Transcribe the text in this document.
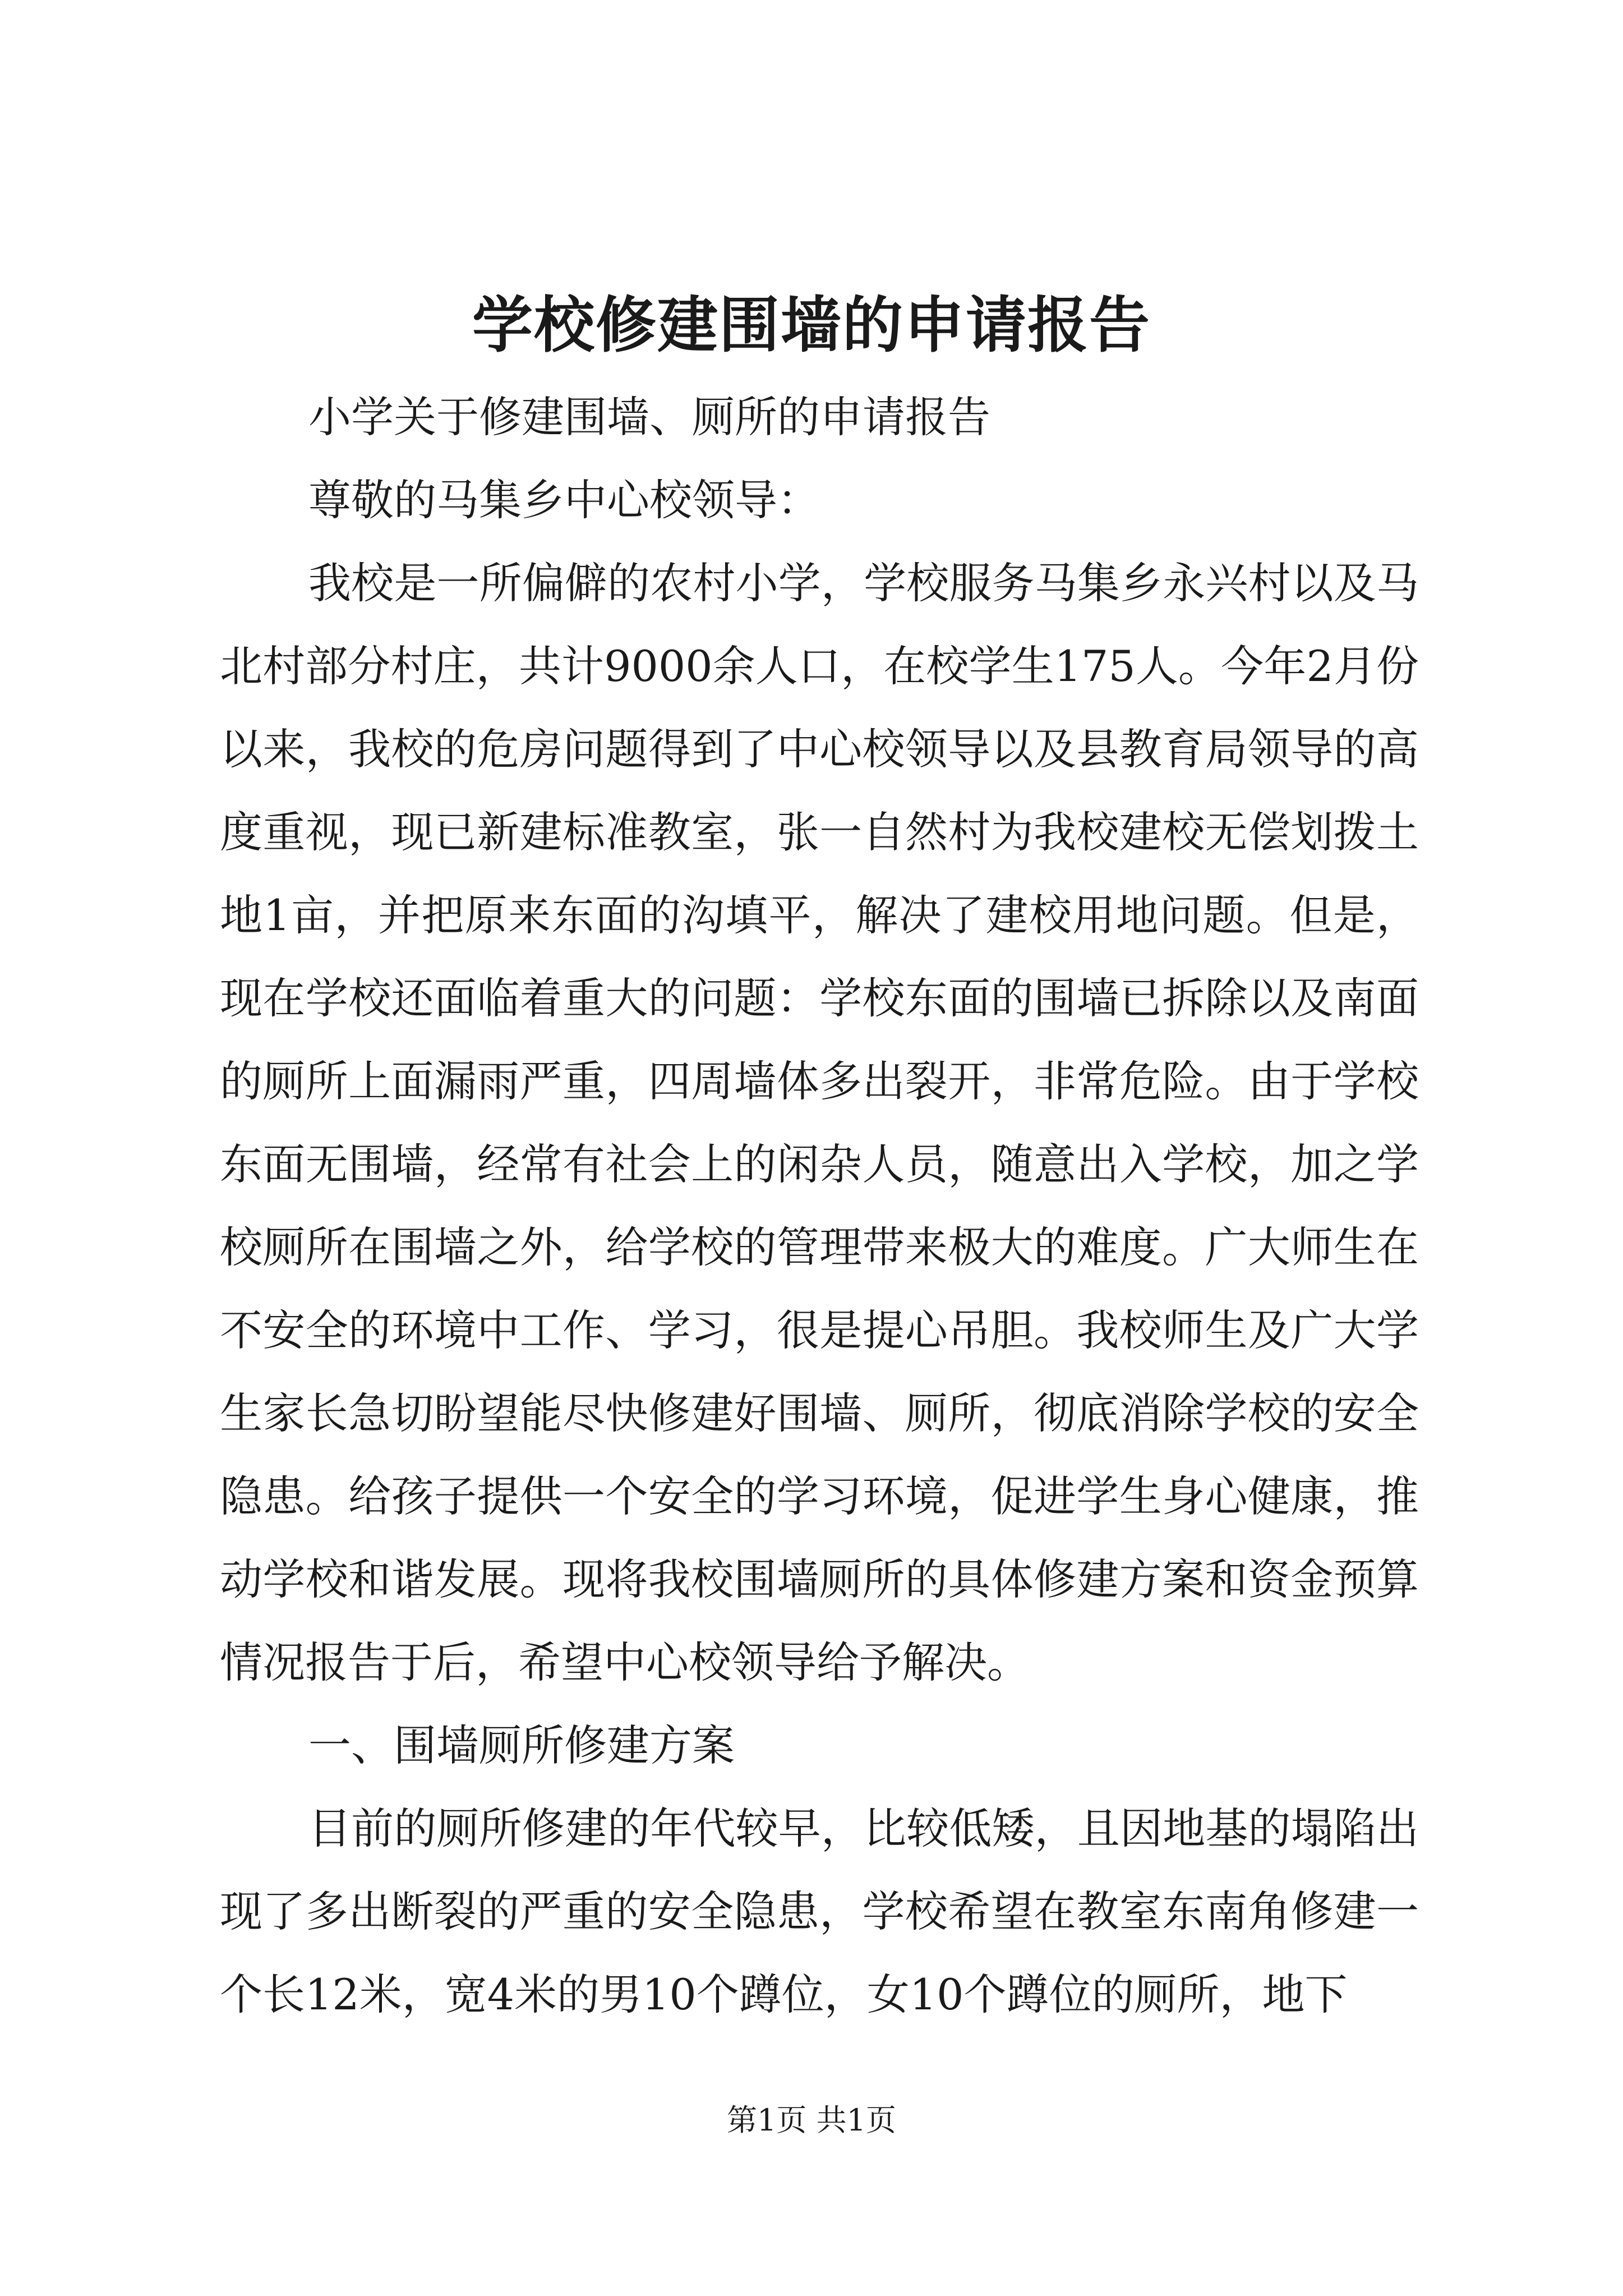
学校修建围墙的申请报告

小学关于修建围墙、厕所的申请报告

尊敬的马集乡中心校领导：

我校是一所偏僻的农村小学，学校服务马集乡永兴村以及马北村部分村庄，共计9000余人口，在校学生175人。今年2月份以来，我校的危房问题得到了中心校领导以及县教育局领导的高度重视，现已新建标准教室，张一自然村为我校建校无偿划拨土地1亩，并把原来东面的沟填平，解决了建校用地问题。但是，现在学校还面临着重大的问题：学校东面的围墙已拆除以及南面的厕所上面漏雨严重，四周墙体多出裂开，非常危险。由于学校东面无围墙，经常有社会上的闲杂人员，随意出入学校，加之学校厕所在围墙之外，给学校的管理带来极大的难度。广大师生在不安全的环境中工作、学习，很是提心吊胆。我校师生及广大学生家长急切盼望能尽快修建好围墙、厕所，彻底消除学校的安全隐患。给孩子提供一个安全的学习环境，促进学生身心健康，推动学校和谐发展。现将我校围墙厕所的具体修建方案和资金预算情况报告于后，希望中心校领导给予解决。

一、围墙厕所修建方案

目前的厕所修建的年代较早，比较低矮，且因地基的塌陷出现了多出断裂的严重的安全隐患，学校希望在教室东南角修建一个长12米，宽4米的男10个蹲位，女10个蹲位的厕所，地下

第1页 共1页
